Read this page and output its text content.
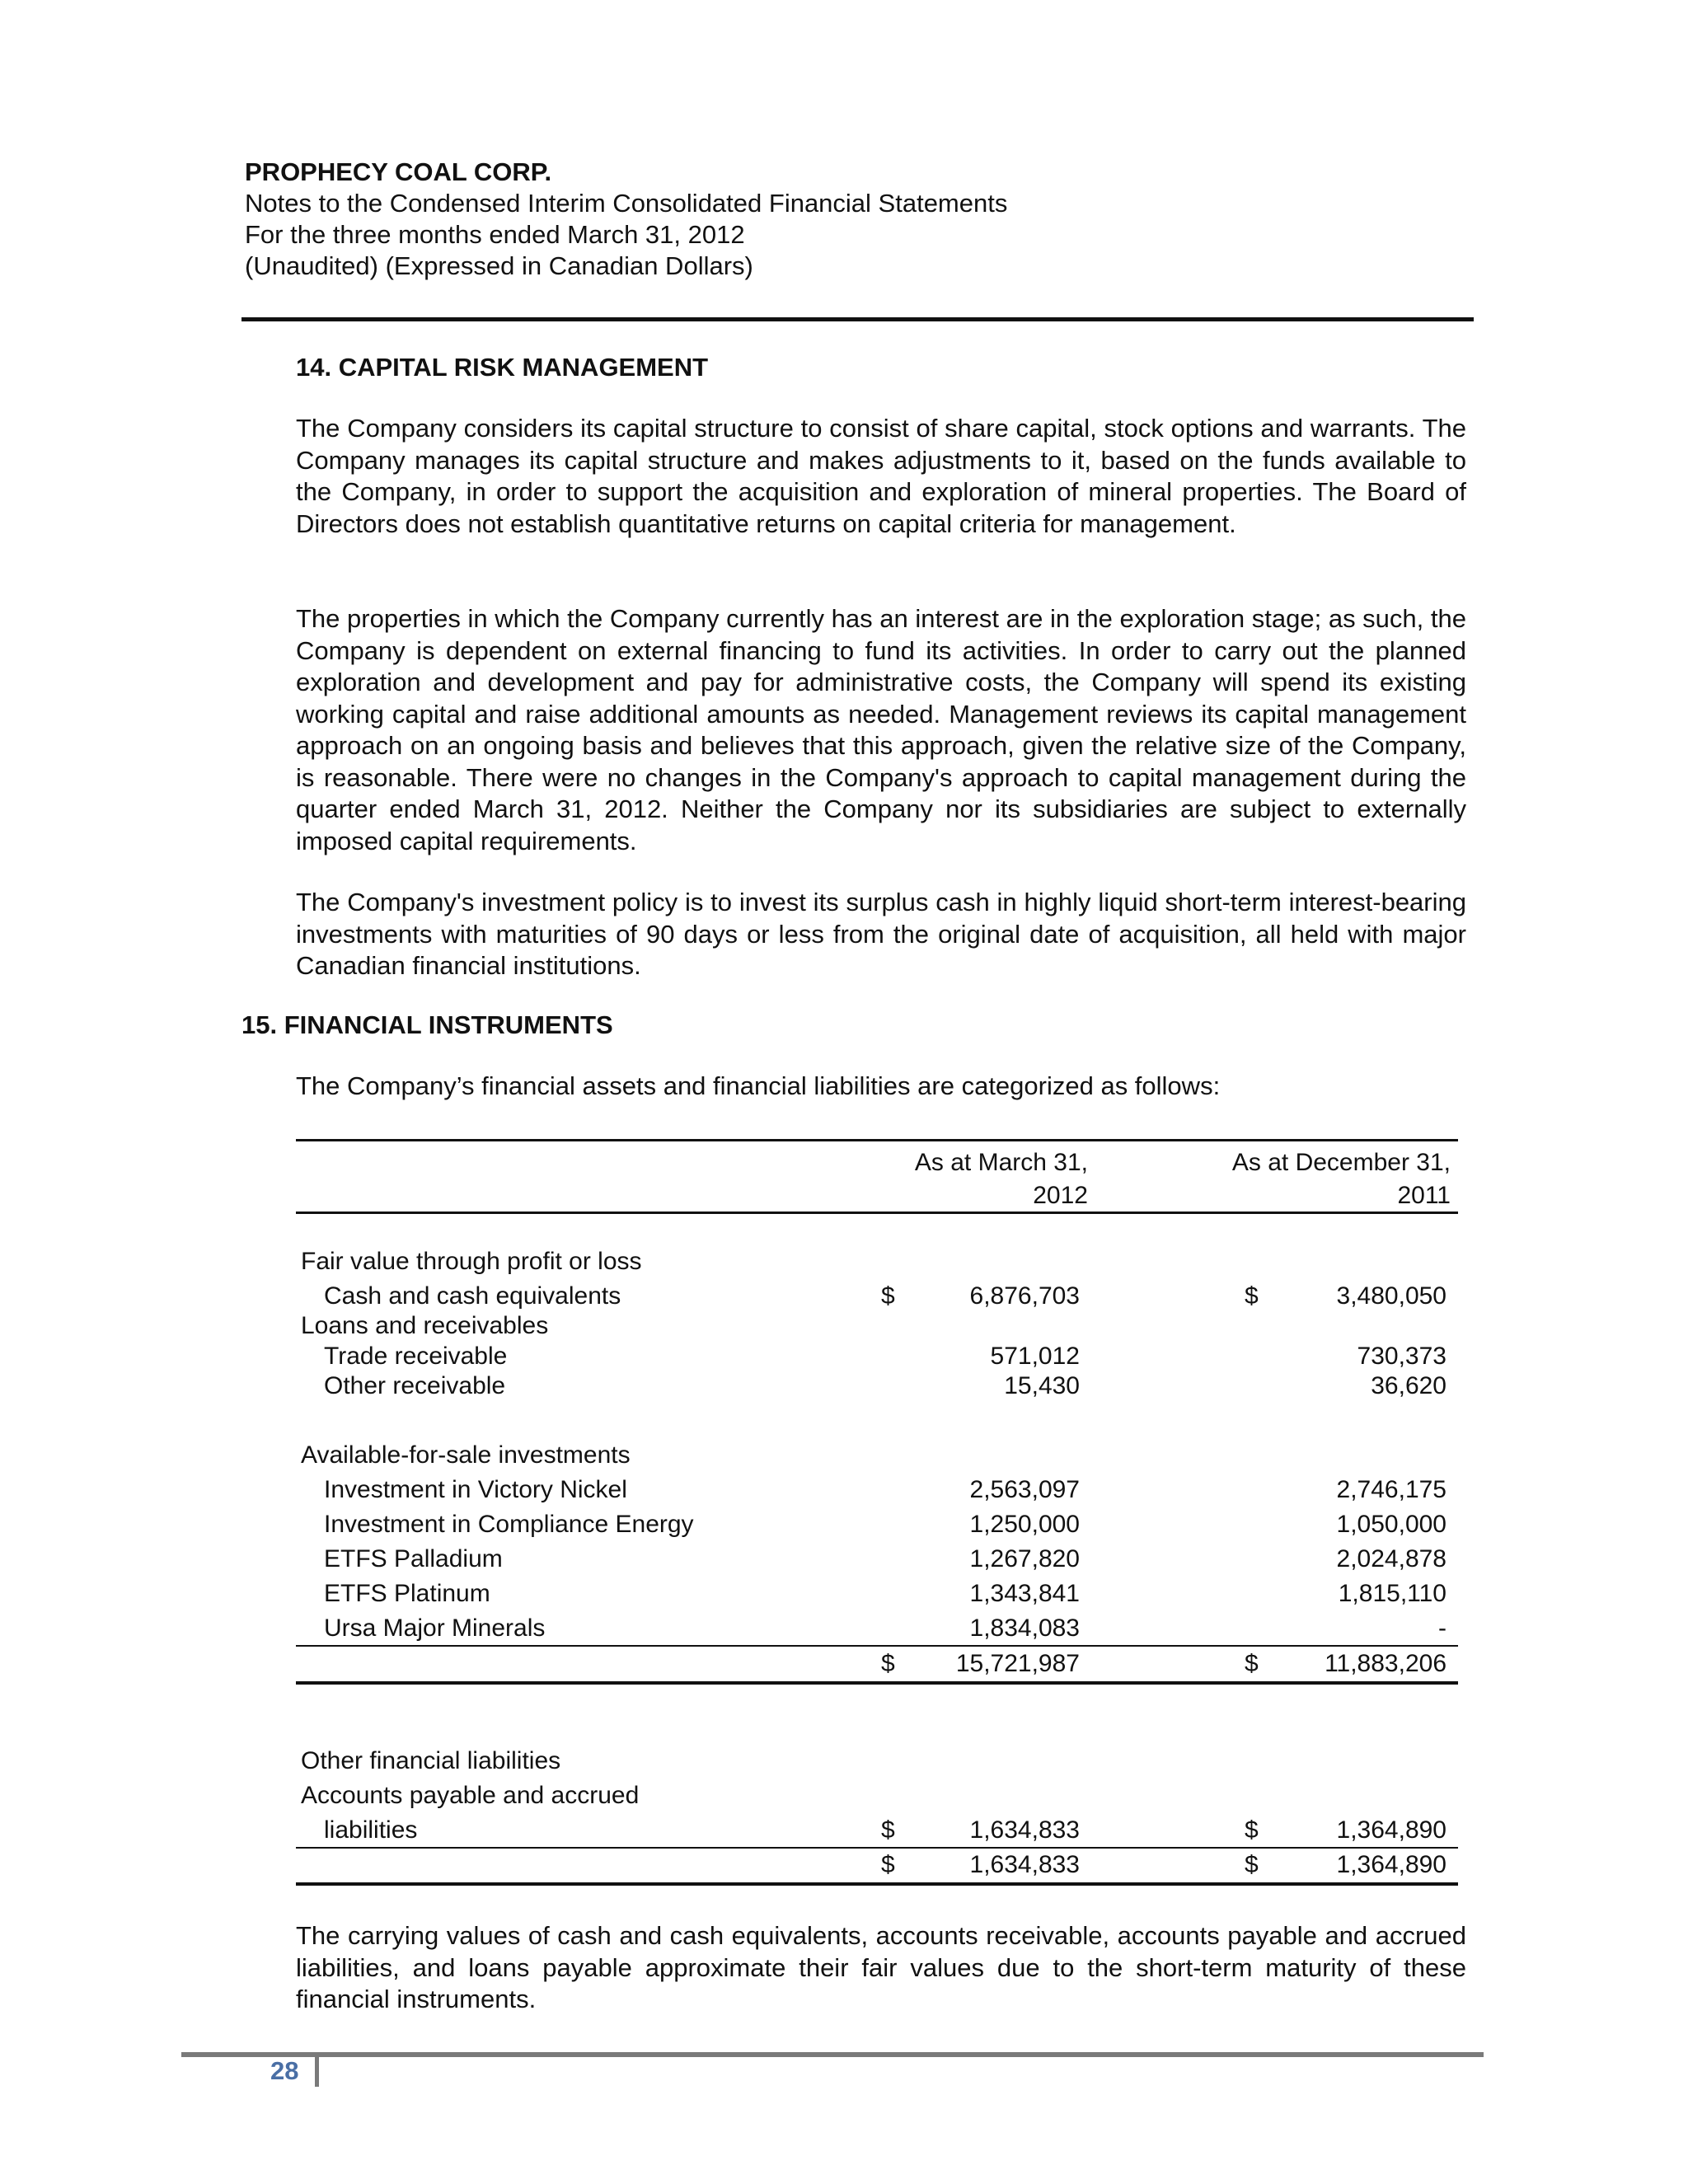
PROPHECY COAL CORP.
Notes to the Condensed Interim Consolidated Financial Statements
For the three months ended March 31, 2012
(Unaudited) (Expressed in Canadian Dollars)
14. CAPITAL RISK MANAGEMENT

The Company considers its capital structure to consist of share capital, stock options and warrants. The Company manages its capital structure and makes adjustments to it, based on the funds available to the Company, in order to support the acquisition and exploration of mineral properties. The Board of Directors does not establish quantitative returns on capital criteria for management.

The properties in which the Company currently has an interest are in the exploration stage; as such, the Company is dependent on external financing to fund its activities. In order to carry out the planned exploration and development and pay for administrative costs, the Company will spend its existing working capital and raise additional amounts as needed. Management reviews its capital management approach on an ongoing basis and believes that this approach, given the relative size of the Company, is reasonable. There were no changes in the Company's approach to capital management during the quarter ended March 31, 2012. Neither the Company nor its subsidiaries are subject to externally imposed capital requirements.

The Company's investment policy is to invest its surplus cash in highly liquid short-term interest-bearing investments with maturities of 90 days or less from the original date of acquisition, all held with major Canadian financial institutions.

15. FINANCIAL INSTRUMENTS
The Company’s financial assets and financial liabilities are categorized as follows:
As at March 31,
2012
As at December 31,
2011
Fair value through profit or loss
Cash and cash equivalents	$	6,876,703	$	3,480,050
Loans and receivables
Trade receivable	571,012	730,373
Other receivable	15,430	36,620
Available-for-sale investments
Investment in Victory Nickel	2,563,097	2,746,175
Investment in Compliance Energy	1,250,000	1,050,000
ETFS Palladium	1,267,820	2,024,878
ETFS Platinum	1,343,841	1,815,110
Ursa Major Minerals	1,834,083	-
$	15,721,987	$	11,883,206
Other financial liabilities
Accounts payable and accrued
liabilities	$	1,634,833	$	1,364,890
$	1,634,833	$	1,364,890

The carrying values of cash and cash equivalents, accounts receivable, accounts payable and accrued liabilities, and loans payable approximate their fair values due to the short-term maturity of these financial instruments.

28
